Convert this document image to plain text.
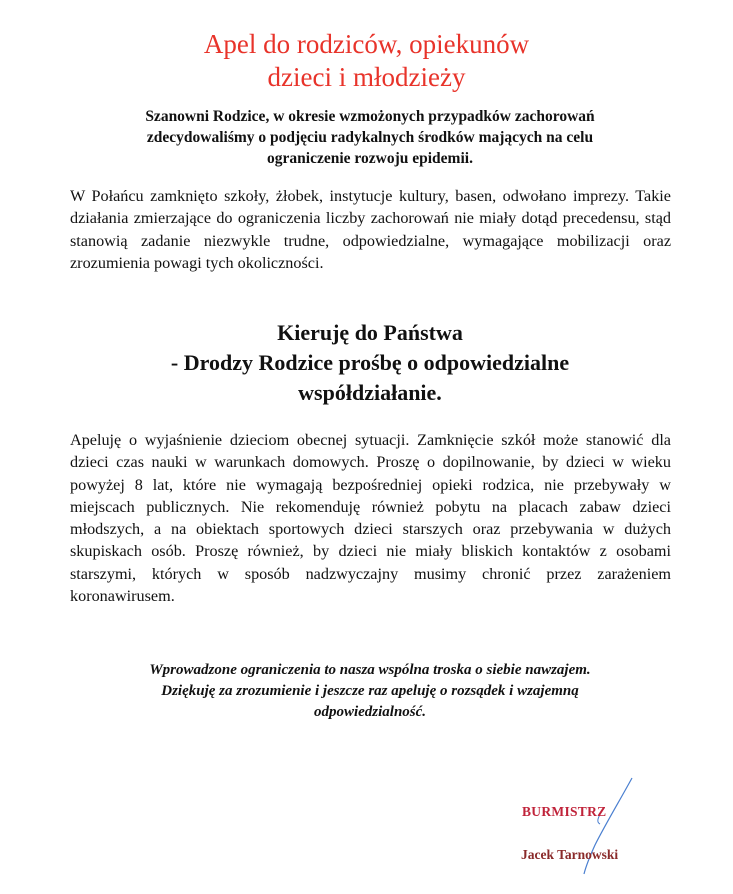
Apel do rodziców, opiekunów
dzieci i młodzieży
Szanowni Rodzice, w okresie wzmożonych przypadków zachorowań
zdecydowaliśmy o podjęciu radykalnych środków mających na celu
ograniczenie rozwoju epidemii.
W Połańcu zamknięto szkoły, żłobek, instytucje kultury, basen, odwołano imprezy. Takie działania zmierzające do ograniczenia liczby zachorowań nie miały dotąd precedensu, stąd stanowią zadanie niezwykle trudne, odpowiedzialne, wymagające mobilizacji oraz zrozumienia powagi tych okoliczności.
Kieruję do Państwa
- Drodzy Rodzice prośbę o odpowiedzialne
współdziałanie.
Apeluję o wyjaśnienie dzieciom obecnej sytuacji. Zamknięcie szkół może stanowić dla dzieci czas nauki w warunkach domowych. Proszę o dopilnowanie, by dzieci w wieku powyżej 8 lat, które nie wymagają bezpośredniej opieki rodzica, nie przebywały w miejscach publicznych. Nie rekomenduję również pobytu na placach zabaw dzieci młodszych, a na obiektach sportowych dzieci starszych oraz przebywania w dużych skupiskach osób. Proszę również, by dzieci nie miały bliskich kontaktów z osobami starszymi, których w sposób nadzwyczajny musimy chronić przez zarażeniem koronawirusem.
Wprowadzone ograniczenia to nasza wspólna troska o siebie nawzajem.
Dziękuję za zrozumienie i jeszcze raz apeluję o rozsądek i wzajemną
odpowiedzialność.
BURMISTRZ
Jacek Tarnowski
